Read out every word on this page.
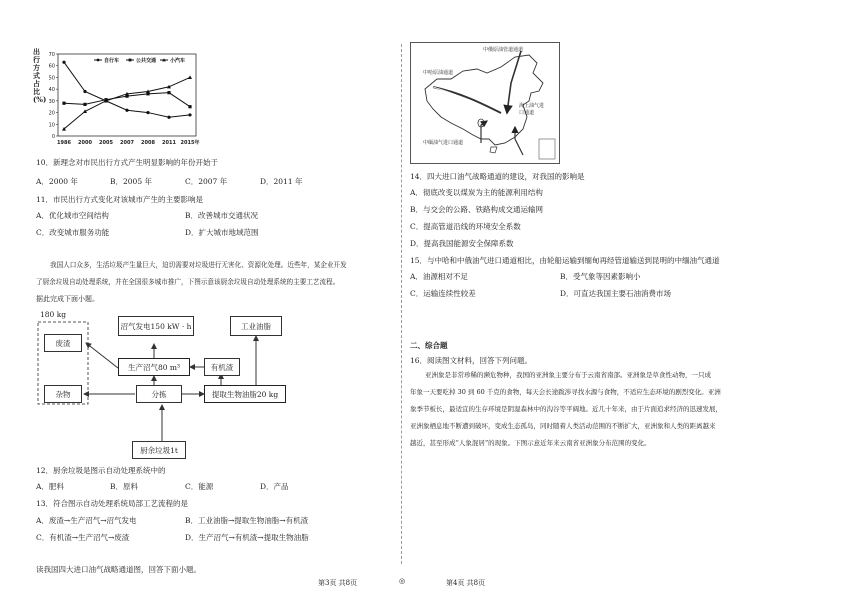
0
10
20
30
40
50
60
70
1986 2000 2005 2007 2008 2011 2015年
自行车	公共交通	小汽车
出行方式占比(%)
10．新理念对市民出行方式产生明显影响的年份开始于
A．2000 年	B．2005 年	C．2007 年	D．2011 年
11．市民出行方式变化对该城市产生的主要影响是
A．优化城市空间结构	B．改善城市交通状况
C．改变城市服务功能	D．扩大城市地域范围
我国人口众多，生活垃圾产生量巨大，迫切需要对垃圾进行无害化、资源化处理。近些年，某企业开发
了厨余垃圾自动处理系统，并在全国很多城市推广，下图示意该厨余垃圾自动处理系统的主要工艺流程。
据此完成下面小题。
180 kg
废渣
杂物
沼气发电150 kW · h
生产沼气80 m³	有机渣
工业油脂
分拣	提取生物油脂20 kg
厨余垃圾1t
12．厨余垃圾是图示自动处理系统中的
A．肥料	B．原料	C．能源	D．产品
13．符合图示自动处理系统局部工艺流程的是
A．废渣→生产沼气→沼气发电	B．工业油脂→提取生物油脂→有机渣
C．有机渣→生产沼气→废渣	D．生产沼气→有机渣→提取生物油脂
读我国四大进口油气战略通道图，回答下面小题。
中俄原油管道通道
中哈原油通道
中缅油气进口通道
海上油气进口通道
14．四大进口油气战略通道的建设，对我国的影响是
A．彻底改变以煤炭为主的能源利用结构
B．与交会的公路、铁路构成交通运输网
C．提高管道沿线的环境安全系数
D．提高我国能源安全保障系数
15．与中哈和中俄油气进口通道相比，由轮船运输到缅甸再经管道输送到昆明的中缅油气通道
A．油源相对不足	B．受气象等因素影响小
C．运输连续性较差	D．可直达我国主要石油消费市场
二、综合题
16．阅读图文材料，回答下列问题。
亚洲象是非常珍稀的濒危物种，我国的亚洲象主要分布于云南省南部。亚洲象是草食性动物，一只成
年象一天要吃掉 30 到 60 千克的食物，每天会长途跋涉寻找水源与食物，不适应生态环境的剧烈变化。亚洲
象季节板长，最适宜的生存环境是阴湿森林中的沟谷等平阔地。近几十年来，由于片面追求经济的迅速发展，
亚洲象栖息地不断遭到破坏，变成生态孤岛，同时随着人类活动范围的不断扩大，亚洲象和人类的距离越来
越近，甚至形成“人象混居”的现象。下图示意近年来云南省亚洲象分布范围的变化。
第3页 共8页	◎	第4页 共8页
